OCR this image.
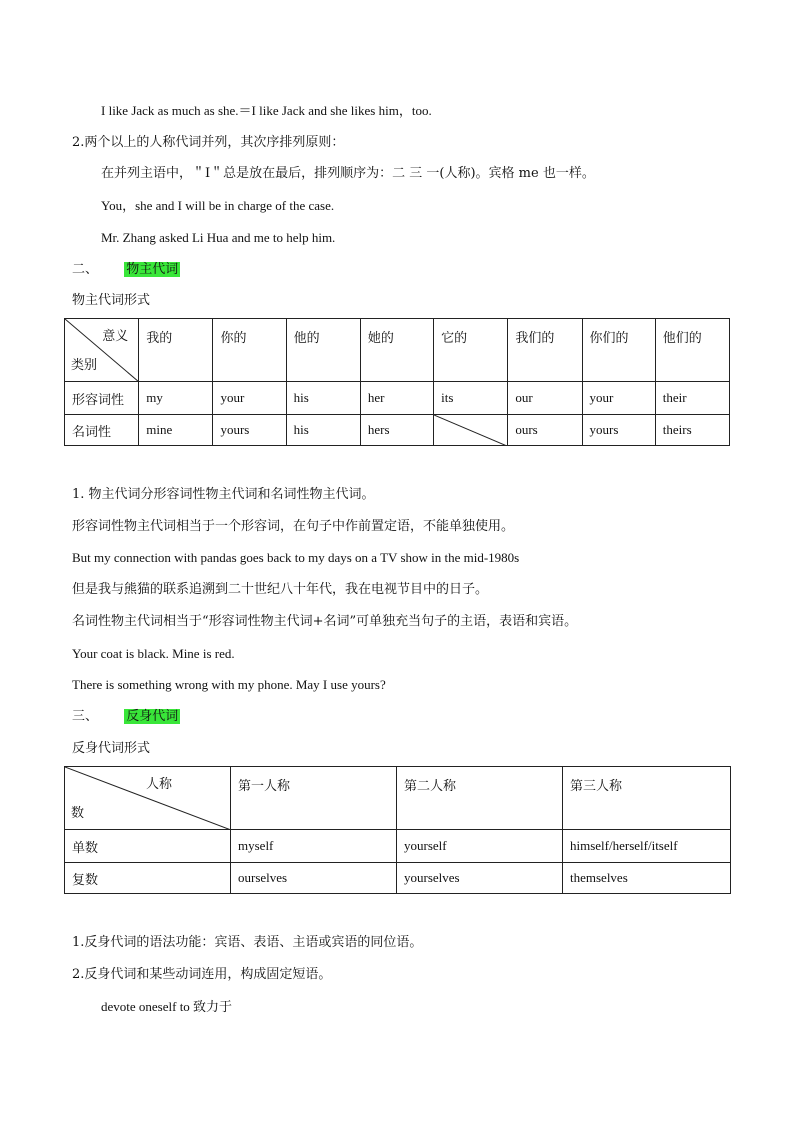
I like Jack as much as she.＝I like Jack and she likes him，too.
2.两个以上的人称代词并列，其次序排列原则：
在并列主语中，＂I＂总是放在最后，排列顺序为：二 三 一(人称)。宾格 me 也一样。
You，she and I will be in charge of the case.
Mr. Zhang asked Li Hua and me to help him.
二、 物主代词
物主代词形式
意义
类别	我的	你的	他的	她的	它的	我们的	你们的	他们的
形容词性	my	your	his	her	its	our	your	their
名词性	mine	yours	his	hers		ours	yours	theirs
1. 物主代词分形容词性物主代词和名词性物主代词。
形容词性物主代词相当于一个形容词，在句子中作前置定语，不能单独使用。
But my connection with pandas goes back to my days on a TV show in the mid-1980s
但是我与熊猫的联系追溯到二十世纪八十年代，我在电视节目中的日子。
名词性物主代词相当于“形容词性物主代词+名词”可单独充当句子的主语，表语和宾语。
Your coat is black. Mine is red.
There is something wrong with my phone. May I use yours?
三、 反身代词
反身代词形式
人称
数	第一人称	第二人称	第三人称
单数	myself	yourself	himself/herself/itself
复数	ourselves	yourselves	themselves
1.反身代词的语法功能：宾语、表语、主语或宾语的同位语。
2.反身代词和某些动词连用，构成固定短语。
devote oneself to 致力于
